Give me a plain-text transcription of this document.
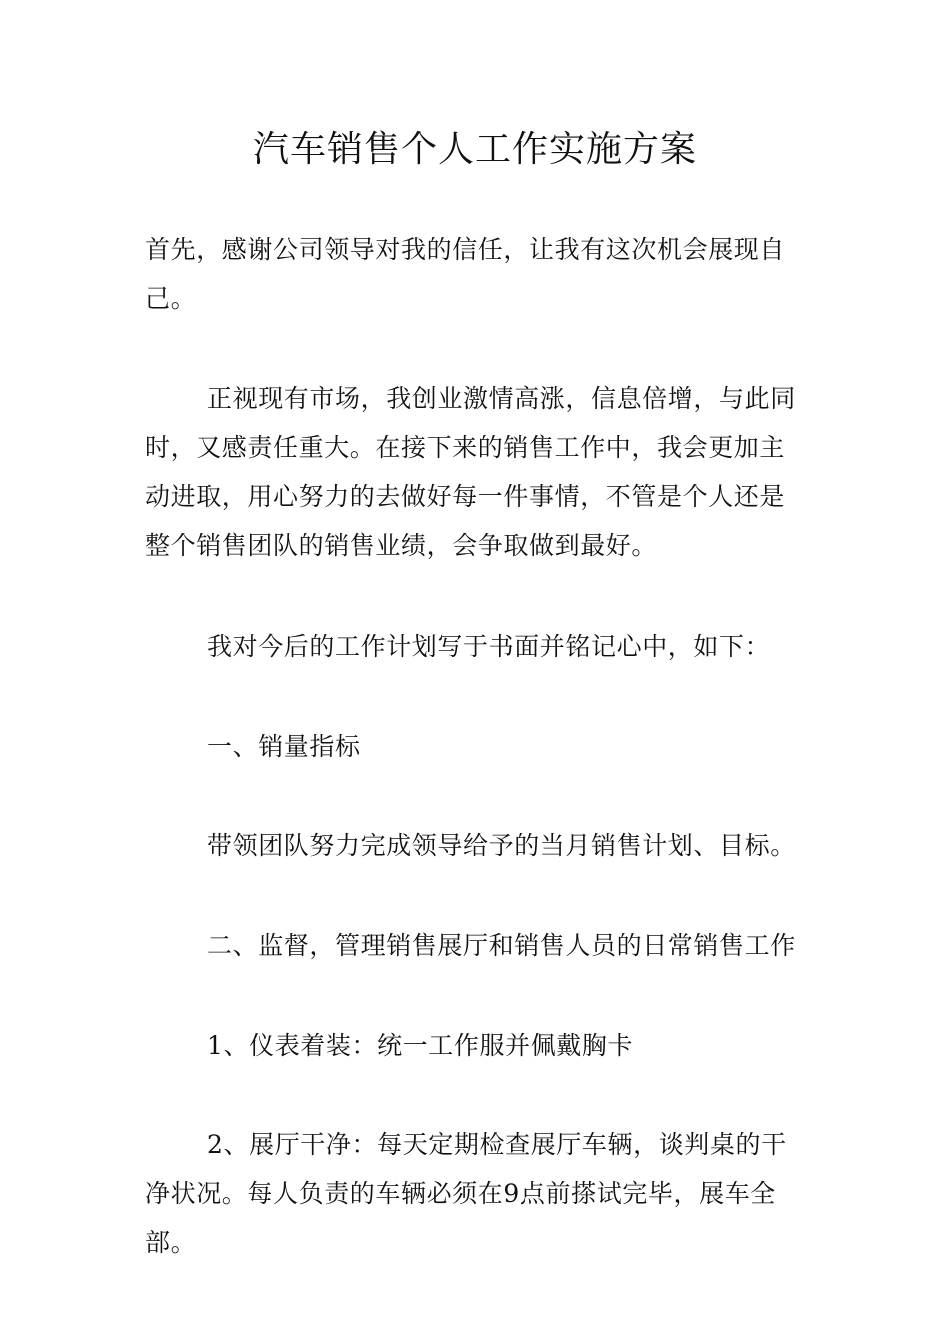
汽车销售个人工作实施方案

首先，感谢公司领导对我的信任，让我有这次机会展现自己。

正视现有市场，我创业激情高涨，信息倍增，与此同时，又感责任重大。在接下来的销售工作中，我会更加主动进取，用心努力的去做好每一件事情，不管是个人还是整个销售团队的销售业绩，会争取做到最好。

我对今后的工作计划写于书面并铭记心中，如下：

一、销量指标

带领团队努力完成领导给予的当月销售计划、目标。

二、监督，管理销售展厅和销售人员的日常销售工作

1、仪表着装：统一工作服并佩戴胸卡

2、展厅干净：每天定期检查展厅车辆，谈判桌的干净状况。每人负责的车辆必须在9点前搽试完毕，展车全部。
